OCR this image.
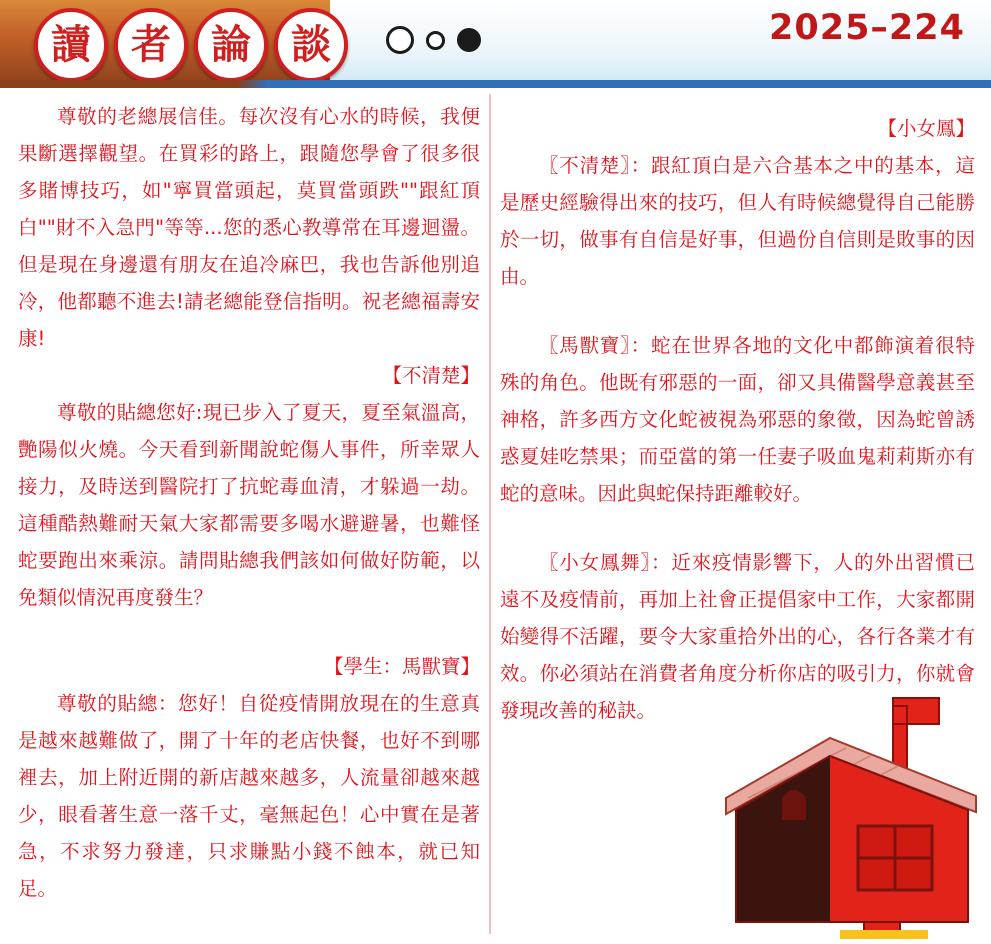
讀	者	論	談	2025–224

尊敬的老總展信佳。每次沒有心水的時候，我便果斷選擇觀望。在買彩的路上，跟隨您學會了很多很多賭博技巧，如"寧買當頭起，莫買當頭跌""跟紅頂白""財不入急門"等等...您的悉心教導常在耳邊迴盪。但是現在身邊還有朋友在追冷麻巴，我也告訴他別追冷，他都聽不進去!請老總能登信指明。祝老總福壽安康!

【不清楚】

尊敬的貼總您好:現已步入了夏天，夏至氣溫高，艷陽似火燒。今天看到新聞說蛇傷人事件，所幸眾人接力，及時送到醫院打了抗蛇毒血清，才躲過一劫。這種酷熱難耐天氣大家都需要多喝水避避暑，也難怪蛇要跑出來乘涼。請問貼總我們該如何做好防範，以免類似情況再度發生？

【學生：馬獸寶】

尊敬的貼總：您好！自從疫情開放現在的生意真是越來越難做了，開了十年的老店快餐，也好不到哪裡去，加上附近開的新店越來越多，人流量卻越來越少，眼看著生意一落千丈，毫無起色！心中實在是著急，不求努力發達，只求賺點小錢不蝕本，就已知足。

【小女鳳】

〖不清楚〗：跟紅頂白是六合基本之中的基本，這是歷史經驗得出來的技巧，但人有時候總覺得自己能勝於一切，做事有自信是好事，但過份自信則是敗事的因由。

〖馬獸寶〗：蛇在世界各地的文化中都飾演着很特殊的角色。他既有邪惡的一面，卻又具備醫學意義甚至神格，許多西方文化蛇被視為邪惡的象徵，因為蛇曾誘惑夏娃吃禁果；而亞當的第一任妻子吸血鬼莉莉斯亦有蛇的意味。因此與蛇保持距離較好。

〖小女鳳舞〗：近來疫情影響下，人的外出習慣已遠不及疫情前，再加上社會正提倡家中工作，大家都開始變得不活躍，要令大家重拾外出的心，各行各業才有效。你必須站在消費者角度分析你店的吸引力，你就會發現改善的秘訣。
